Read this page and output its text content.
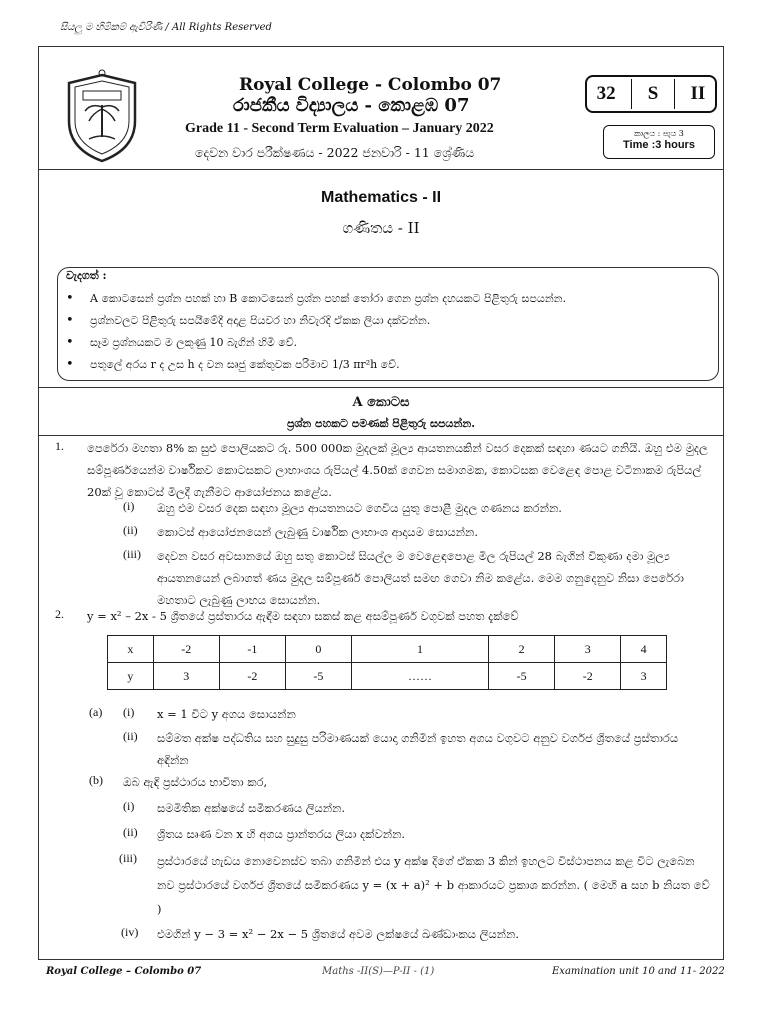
සියලු ම හිමිකම් ඇවිරිණි / All Rights Reserved
Royal College - Colombo 07
රාජකීය විද්‍යාලය - කොළඹ 07
Grade 11 - Second Term Evaluation – January 2022
දෙවන වාර පරීක්ෂණය - 2022 ජනවාරි - 11 ශ්‍රේණිය
32 S II
කාලය : පැය 3
Time :3 hours
Mathematics - II
ගණිතය - II
වැදගත් :
• A කොටසෙන් ප්‍රශ්න පහක් හා B කොටසෙන් ප්‍රශ්න පහක් තෝරා ගෙන ප්‍රශ්න දහයකට පිළිතුරු සපයන්න.
• ප්‍රශ්නවලට පිළිතුරු සපයීමේදී අදාළ පියවර හා නිවැරදි ඒකක ලියා දක්වන්න.
• සෑම ප්‍රශ්නයකට ම ලකුණු 10 බැගින් හිමි වේ.
• පතුලේ අරය r ද උස h ද වන සෘජු කේතුවක පරිමාව 1/3 πr²h වේ.
A කොටස
ප්‍රශ්න පහකට පමණක් පිළිතුරු සපයන්න.
1. පෙරේරා මහතා 8% ක සුළු පොලියකට රු. 500 000ක මුදලක් මූල්‍ය ආයතනයකින් වසර දෙකක් සඳහා ණයට ගනියි. ඔහු එම මුදල සම්පූර්ණයෙන්ම වාර්ෂිකව කොටසකට ලාභාංශය රුපියල් 4.50ක් ගෙවන සමාගමක, කොටසක වෙළෙඳ පොළ වටිනාකම රුපියල් 20ක් වූ කොටස් මිලදී ගැනීමට ආයෝජනය කළේය.
(i) ඔහු එම වසර දෙක සඳහා මූල්‍ය ආයතනයට ගෙවිය යුතු පොළී මුදල ගණනය කරන්න.
(ii) කොටස් ආයෝජනයෙන් ලැබුණු වාර්ෂික ලාභාංශ ආදායම සොයන්න.
(iii) දෙවන වසර අවසානයේ ඔහු සතු කොටස් සියල්ල ම වෙළෙඳපොළ මිල රුපියල් 28 බැගින් විකුණා දමා මූල්‍ය ආයතනයෙන් ලබාගත් ණය මුදල සම්පූර්ණ පොලියත් සමඟ ගෙවා නිම කළේය. මෙම ගනුදෙනුව නිසා පෙරේරා මහතාට ලැබුණු ලාභය සොයන්න.
2. y = x² – 2x - 5 ශ්‍රිතයේ ප්‍රස්තාරය ඇඳීම සඳහා සකස් කළ අසම්පූර්ණ වගුවක් පහත දැක්වේ
x	-2	-1	0	1	2	3	4
y	3	-2	-5	……	-5	-2	3
(a) (i) x = 1 විට y අගය සොයන්න
(ii) සම්මත අක්ෂ පද්ධතිය සහ සුදුසු පරිමාණයක් යොදා ගනිමින් ඉහත අගය වගුවට අනුව වර්ගජ ශ්‍රිතයේ ප්‍රස්තාරය අඳින්න
(b) ඔබ ඇඳි ප්‍රස්ථාරය භාවිතා කර,
(i) සමමිතික අක්ෂයේ සමීකරණය ලියන්න.
(ii) ශ්‍රිතය සෘණ වන x හි අගය ප්‍රාන්තරය ලියා දක්වන්න.
(iii) ප්‍රස්ථාරයේ හැඩය නොවෙනස්ව තබා ගනිමින් එය y අක්ෂ දිගේ ඒකක 3 කින් ඉහලට විස්ථාපනය කළ විට ලැබෙන නව ප්‍රස්ථාරයේ වර්ගජ ශ්‍රිතයේ සමීකරණය y = (x + a)² + b ආකාරයට ප්‍රකාශ කරන්න. ( මෙහි a සහ b නියත වේ )
(iv) එමගින් y − 3 = x² − 2x − 5 ශ්‍රිතයේ අවම ලක්ෂයේ ඛණ්ඩාංකය ලියන්න.
Royal College – Colombo 07	Maths -II(S)—P-II - (1)	Examination unit 10 and 11- 2022
